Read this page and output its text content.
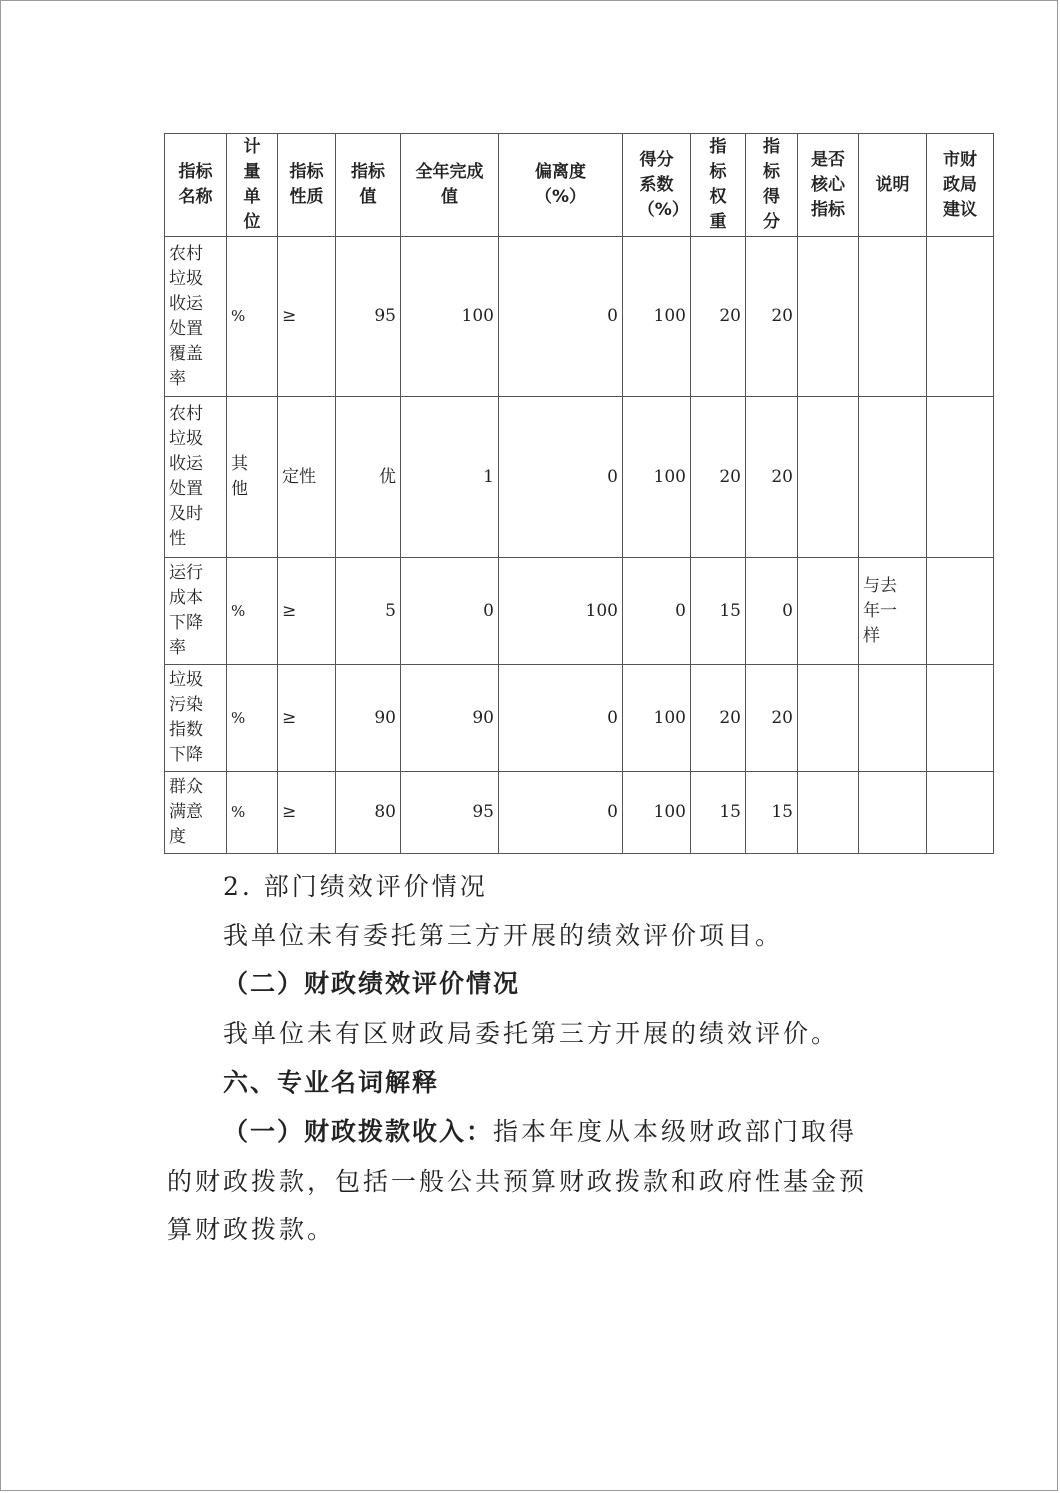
指标名称	计量单位	指标性质	指标值	全年完成值	偏离度（%）	得分系数（%）	指标权重	指标得分	是否核心指标	说明	市财政局建议
农村垃圾收运处置覆盖率	%	≥	95	100	0	100	20	20			
农村垃圾收运处置及时性	其他	定性	优	1	0	100	20	20			
运行成本下降率	%	≥	5	0	100	0	15	0		与去年一样	
垃圾污染指数下降	%	≥	90	90	0	100	20	20			
群众满意度	%	≥	80	95	0	100	15	15			
2. 部门绩效评价情况
我单位未有委托第三方开展的绩效评价项目。
（二）财政绩效评价情况
我单位未有区财政局委托第三方开展的绩效评价。
六、专业名词解释
（一）财政拨款收入：指本年度从本级财政部门取得
的财政拨款，包括一般公共预算财政拨款和政府性基金预
算财政拨款。
